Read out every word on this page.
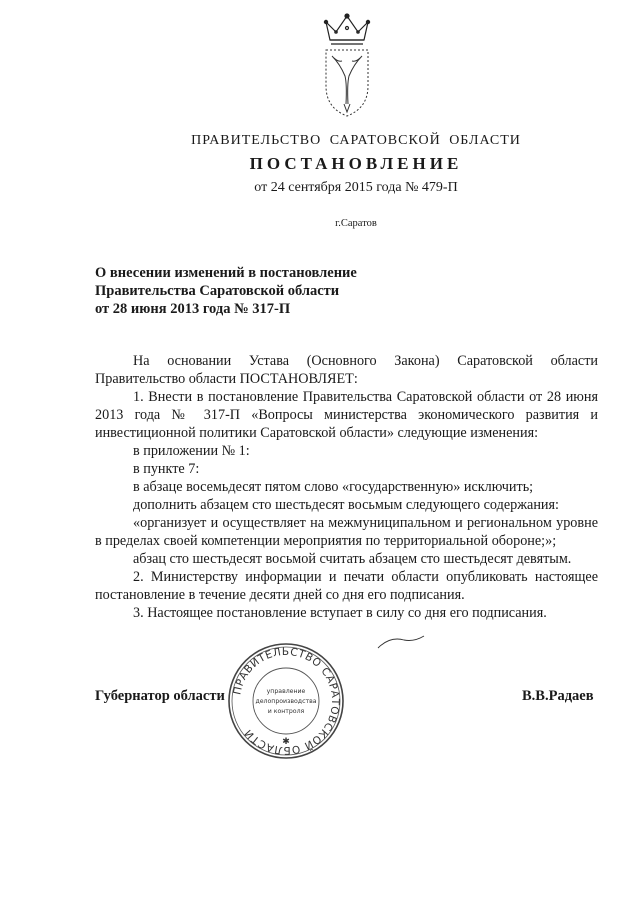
ПРАВИТЕЛЬСТВО САРАТОВСКОЙ ОБЛАСТИ
ПОСТАНОВЛЕНИЕ
от 24 сентября 2015 года № 479-П
г.Саратов
О внесении изменений в постановление
Правительства Саратовской области
от 28 июня 2013 года № 317-П

На основании Устава (Основного Закона) Саратовской области Правительство области ПОСТАНОВЛЯЕТ:

1. Внести в постановление Правительства Саратовской области от 28 июня 2013 года № 317-П «Вопросы министерства экономического развития и инвестиционной политики Саратовской области» следующие изменения:

в приложении № 1:

в пункте 7:

в абзаце восемьдесят пятом слово «государственную» исключить;

дополнить абзацем сто шестьдесят восьмым следующего содержания:

«организует и осуществляет на межмуниципальном и региональном уровне в пределах своей компетенции мероприятия по территориальной обороне;»;

абзац сто шестьдесят восьмой считать абзацем сто шестьдесят девятым.

2. Министерству информации и печати области опубликовать настоящее постановление в течение десяти дней со дня его подписания.

3. Настоящее постановление вступает в силу со дня его подписания.

ПРАВИТЕЛЬСТВО САРАТОВСКОЙ ОБЛАСТИ
управление
делопроизводства
и контроля
✱
Губернатор области	В.В.Радаев
